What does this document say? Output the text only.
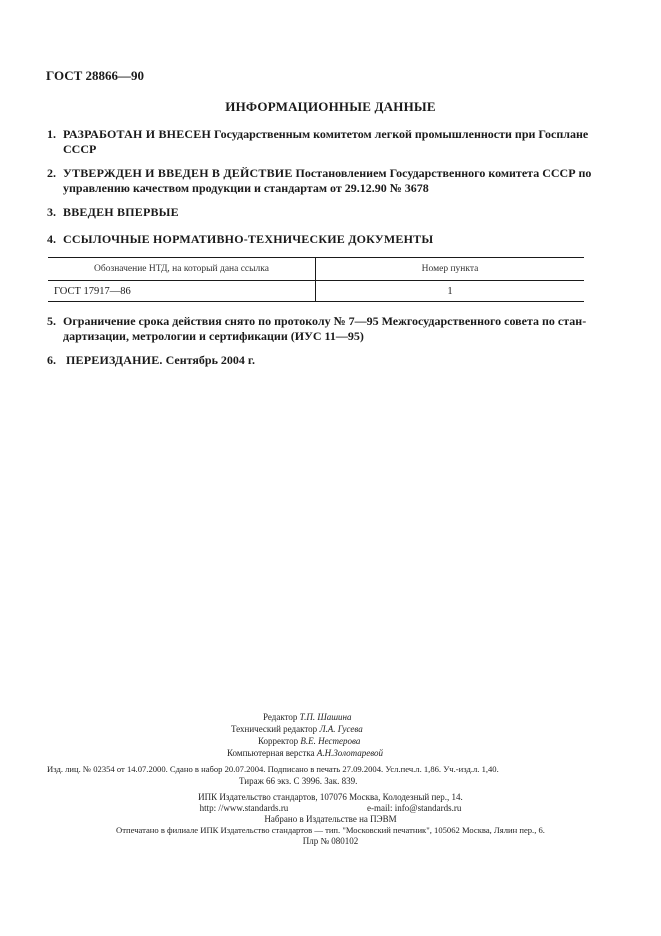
ГОСТ 28866—90
ИНФОРМАЦИОННЫЕ ДАННЫЕ
1. РАЗРАБОТАН И ВНЕСЕН Государственным комитетом легкой промышленности при Госплане
СССР
2. УТВЕРЖДЕН И ВВЕДЕН В ДЕЙСТВИЕ Постановлением Государственного комитета СССР по
управлению качеством продукции и стандартам от 29.12.90 № 3678
3. ВВЕДЕН ВПЕРВЫЕ
4. ССЫЛОЧНЫЕ НОРМАТИВНО-ТЕХНИЧЕСКИЕ ДОКУМЕНТЫ
Обозначение НТД, на который дана ссылка	Номер пункта
ГОСТ 17917—86	1
5. Ограничение срока действия снято по протоколу № 7—95 Межгосударственного совета по стан-
дартизации, метрологии и сертификации (ИУС 11—95)
6. ПЕРЕИЗДАНИЕ. Сентябрь 2004 г.
Редактор Т.П. Шашина
Технический редактор Л.А. Гусева
Корректор В.Е. Нестерова
Компьютерная верстка А.Н.Золотаревой
Изд. лиц. № 02354 от 14.07.2000. Сдано в набор 20.07.2004. Подписано в печать 27.09.2004. Усл.печ.л. 1,86. Уч.-изд.л. 1,40.
Тираж 66 экз. С 3996. Зак. 839.
ИПК Издательство стандартов, 107076 Москва, Колодезный пер., 14.
http: //www.standards.ru                                   e-mail: info@standards.ru
Набрано в Издательстве на ПЭВМ
Отпечатано в филиале ИПК Издательство стандартов — тип. "Московский печатник", 105062 Москва, Лялин пер., 6.
Плр № 080102
